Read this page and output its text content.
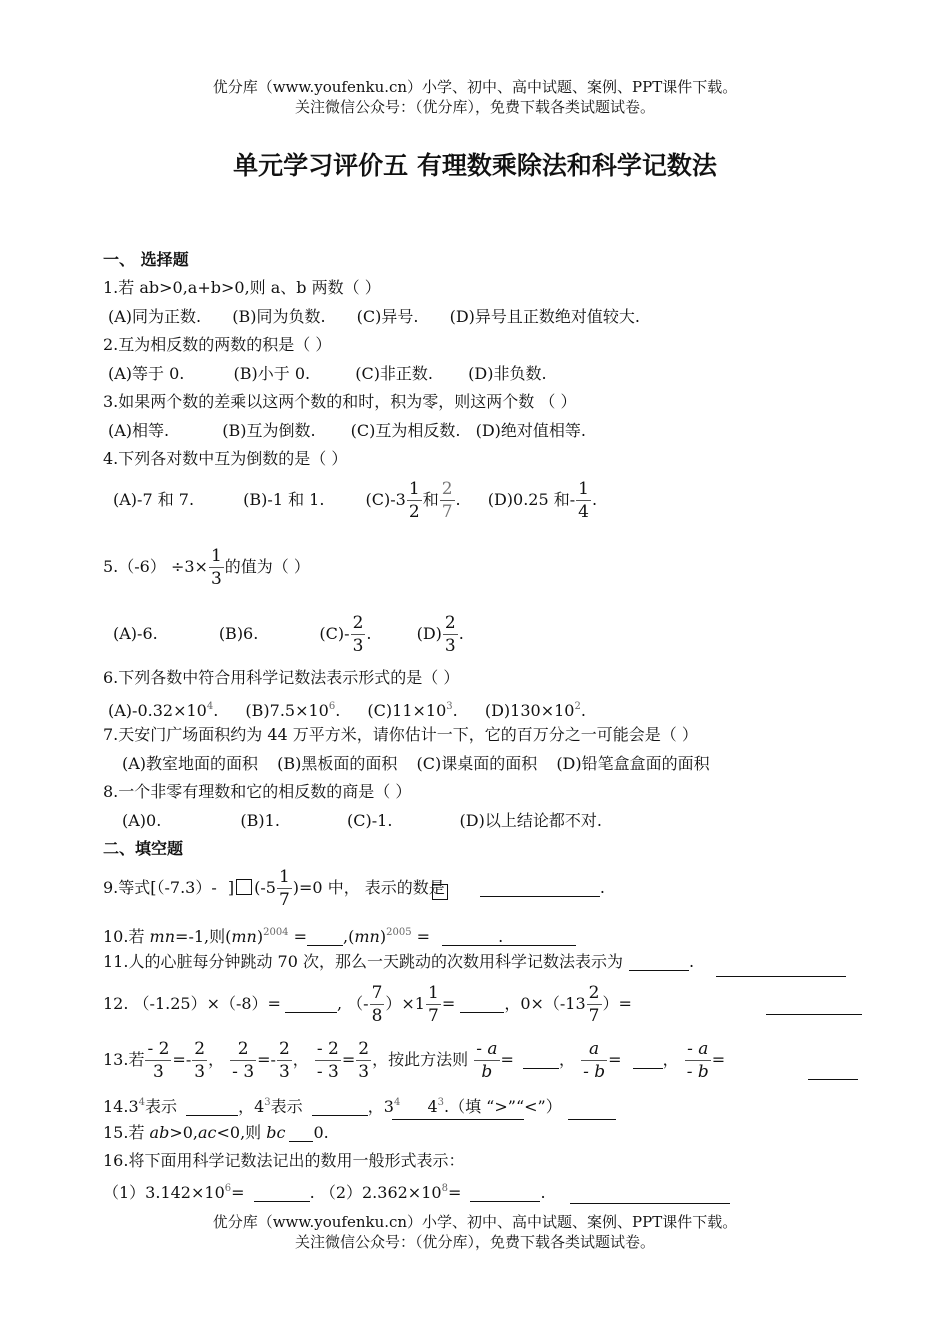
优分库（www.youfenku.cn）小学、初中、高中试题、案例、PPT课件下载。
关注微信公众号：（优分库），免费下载各类试题试卷。
单元学习评价五 有理数乘除法和科学记数法
一、 选择题
1.若 ab>0,a+b>0,则 a、b 两数（ ）
(A)同为正数. (B)同为负数. (C)异号. (D)异号且正数绝对值较大.
2.互为相反数的两数的积是（ ）
(A)等于 0.	(B)小于 0.	(C)非正数. (D)非负数.
3.如果两个数的差乘以这两个数的和时，积为零，则这两个数 （ ）
(A)相等.	(B)互为倒数. (C)互为相反数. (D)绝对值相等.
4.下列各对数中互为倒数的是（ ）
(A)-7 和 7.	(B)-1 和 1.	$(C)-3 \frac{1}{2}$ 和 $\frac{2}{7}$ . (D)0.25 和- $\frac{1}{4}$ .
$5.(-6) \div 3\times \frac{1}{3}$ 的值为（ ）
(A)-6.	(B)6.	$(C)- \frac{2}{3}$ .	$(D) \frac{2}{3}$ .
6.下列各数中符合用科学记数法表示形式的是（ ）
$(A)-0.32\times 10^4$. $(B)7.5\times 10^6$. $(C)11\times 10^3$. $(D)130\times 10^2$.
7.天安门广场面积约为 44 万平方米，请你估计一下，它的百万分之一可能会是（ ）
(A)教室地面的面积 (B)黑板面的面积 (C)课桌面的面积 (D)铅笔盒盒面的面积
8.一个非零有理数和它的相反数的商是（ ）
(A)0.	(B)1.	(C)-1.	(D)以上结论都不对.
二、填空题
9.等式[（-7.3）- ] $(-5 \frac{1}{7} )=0$ 中， 表示的数是	.
10.若 mn=-1,则(mn)$^{2004}$ = ,(mn)$^{2005}$ =	.
11.人的心脏每分钟跳动 70 次，那么一天跳动的次数用科学记数法表示为	.
12. （-1.25）×（-8）=	, （- $\frac{7}{8} )\times 1 \frac{1}{7}$ =	，$0\times(-13 \frac{2}{7}$ ）=
13.若 $\frac{- 2}{3} =- \frac{2}{3}$ ， $\frac{2}{- 3} =- \frac{2}{3}$ ， $\frac{- 2}{- 3} = \frac{2}{3}$ ，按此方法则 $\frac{- a}{b}$ =	， $\frac{a}{- b}$ =	， $\frac{- a}{- b}$ =
$14.3^4$表示	，$4^3$表示	，$3^4$ $4^3$.（填 “>”“<”）
15.若 ab>0,ac<0,则 bc 0.
16.将下面用科学记数法记出的数用一般形式表示：
$(1)3.142\times 10^6=$	. $(2)2.362\times 10^8=$	.
优分库（www.youfenku.cn）小学、初中、高中试题、案例、PPT课件下载。
关注微信公众号：（优分库），免费下载各类试题试卷。
